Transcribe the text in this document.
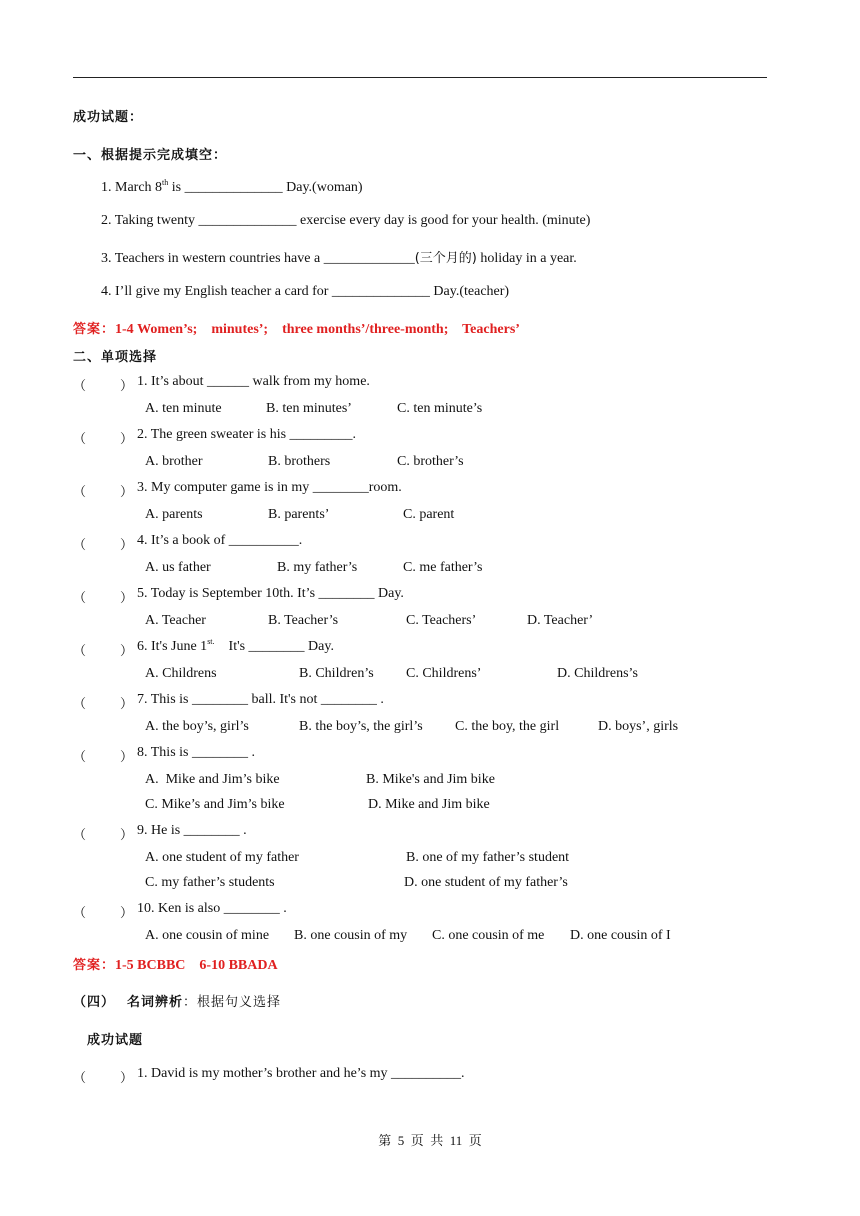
成功试题：
一、根据提示完成填空：
1. March 8th is ______________ Day.(woman)
2. Taking twenty ______________ exercise every day is good for your health. (minute)
3. Teachers in western countries have a _____________(三个月的) holiday in a year.
4. I’ll give my English teacher a card for ______________ Day.(teacher)
答案：1-4 Women’s;    minutes’;    three months’/three-month;    Teachers’
二、单项选择
（	） 1. It’s about ______ walk from my home.
A. ten minute	B. ten minutes’	C. ten minute’s
（	） 2. The green sweater is his _________.
A. brother	B. brothers	C. brother’s
（	） 3. My computer game is in my ________room.
A. parents	B. parents’	C. parent
（	） 4. It’s a book of __________.
A. us father	B. my father’s	C. me father’s
（	） 5. Today is September 10th. It’s ________ Day.
A. Teacher	B. Teacher’s	C. Teachers’	D. Teacher’
（	） 6. It's June $1^{st.}$ It's ________ Day.
A. Childrens	B. Children’s C. Childrens’	D. Childrens’s
（	） 7. This is ________ ball. It's not ________ .
A. the boy’s, girl’s	B. the boy’s, the girl’s C. the boy, the girl	D. boys’, girls
（	） 8. This is ________ .
A.  Mike and Jim’s bike	B. Mike's and Jim bike
C. Mike’s and Jim’s bike	D. Mike and Jim bike
（	） 9. He is ________ .
A. one student of my father	B. one of my father’s student
C. my father’s students	D. one student of my father’s
（	） 10. Ken is also ________ .
A. one cousin of mine B. one cousin of my C. one cousin of me D. one cousin of I
答案：1-5 BCBBC    6-10 BBADA
（四） 名词辨析：根据句义选择
成功试题
（	） 1. David is my mother’s brother and he’s my __________.
第  5  页  共  11  页
